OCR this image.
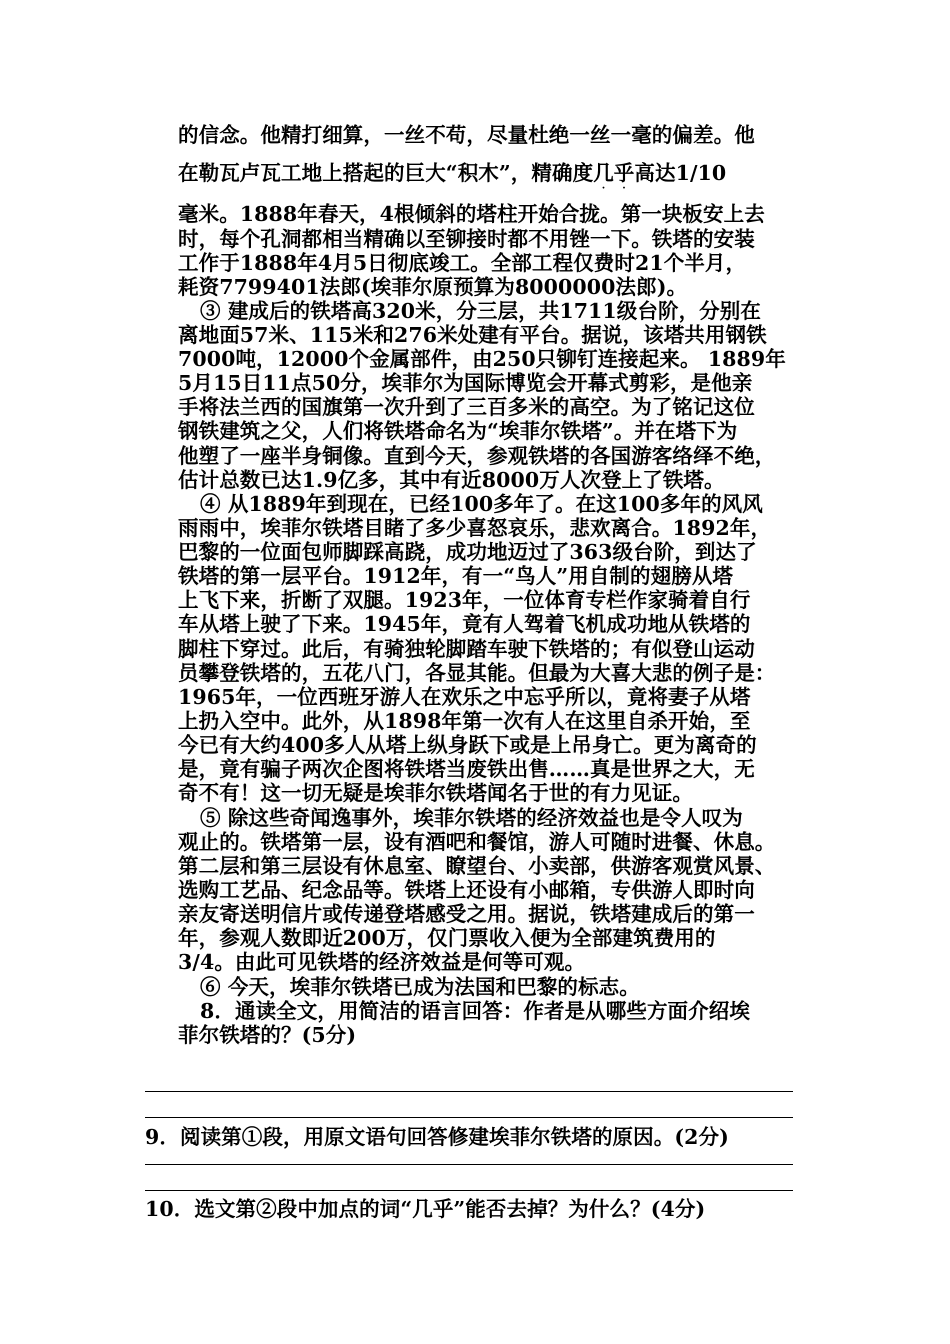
的信念。他精打细算，一丝不苟，尽量杜绝一丝一毫的偏差。他
在勒瓦卢瓦工地上搭起的巨大“积木”，精确度几乎
· ·
高达1/10
毫米。1888年春天，4根倾斜的塔柱开始合拢。第一块板安上去
时，每个孔洞都相当精确以至铆接时都不用锉一下。铁塔的安装
工作于1888年4月5日彻底竣工。全部工程仅费时21个半月，
耗资7799401法郎(埃菲尔原预算为8000000法郎)。
③ 建成后的铁塔高320米，分三层，共1711级台阶，分别在
离地面57米、115米和276米处建有平台。据说，该塔共用钢铁
7000吨，12000个金属部件，由250只铆钉连接起来。 1889年
5月15日11点50分，埃菲尔为国际博览会开幕式剪彩，是他亲
手将法兰西的国旗第一次升到了三百多米的高空。为了铭记这位
钢铁建筑之父，人们将铁塔命名为“埃菲尔铁塔”。并在塔下为
他塑了一座半身铜像。直到今天，参观铁塔的各国游客络绎不绝，
估计总数已达1.9亿多，其中有近8000万人次登上了铁塔。
④ 从1889年到现在，已经100多年了。在这100多年的风风
雨雨中，埃菲尔铁塔目睹了多少喜怒哀乐，悲欢离合。1892年，
巴黎的一位面包师脚踩高跷，成功地迈过了363级台阶，到达了
铁塔的第一层平台。1912年，有一“鸟人”用自制的翅膀从塔
上飞下来，折断了双腿。1923年，一位体育专栏作家骑着自行
车从塔上驶了下来。1945年，竟有人驾着飞机成功地从铁塔的
脚柱下穿过。此后，有骑独轮脚踏车驶下铁塔的；有似登山运动
员攀登铁塔的，五花八门，各显其能。但最为大喜大悲的例子是：
1965年，一位西班牙游人在欢乐之中忘乎所以，竟将妻子从塔
上扔入空中。此外，从1898年第一次有人在这里自杀开始，至
今已有大约400多人从塔上纵身跃下或是上吊身亡。更为离奇的
是，竟有骗子两次企图将铁塔当废铁出售……真是世界之大，无
奇不有！这一切无疑是埃菲尔铁塔闻名于世的有力见证。
⑤ 除这些奇闻逸事外，埃菲尔铁塔的经济效益也是令人叹为
观止的。铁塔第一层，设有酒吧和餐馆，游人可随时进餐、休息。
第二层和第三层设有休息室、瞭望台、小卖部，供游客观赏风景、
选购工艺品、纪念品等。铁塔上还设有小邮箱，专供游人即时向
亲友寄送明信片或传递登塔感受之用。据说，铁塔建成后的第一
年，参观人数即近200万，仅门票收入便为全部建筑费用的
3/4。由此可见铁塔的经济效益是何等可观。
⑥ 今天，埃菲尔铁塔已成为法国和巴黎的标志。
8．通读全文，用简洁的语言回答：作者是从哪些方面介绍埃
菲尔铁塔的？(5分)
9．阅读第①段，用原文语句回答修建埃菲尔铁塔的原因。(2分)
10．选文第②段中加点的词“几乎”能否去掉？为什么？(4分)
